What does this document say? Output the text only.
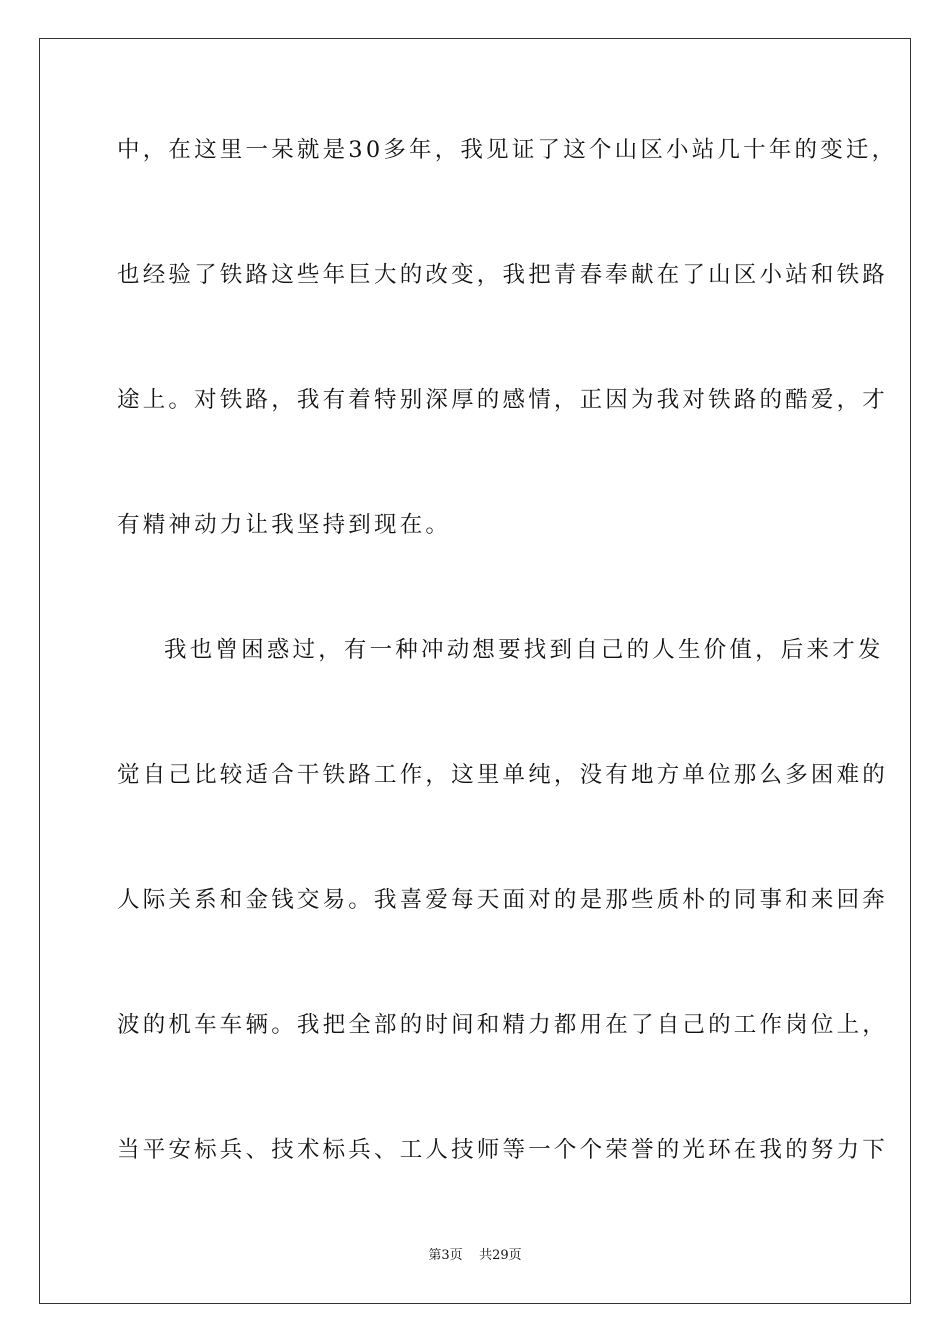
中，在这里一呆就是30多年，我见证了这个山区小站几十年的变迁，
也经验了铁路这些年巨大的改变，我把青春奉献在了山区小站和铁路
途上。对铁路，我有着特别深厚的感情，正因为我对铁路的酷爱，才
有精神动力让我坚持到现在。
我也曾困惑过，有一种冲动想要找到自己的人生价值，后来才发
觉自己比较适合干铁路工作，这里单纯，没有地方单位那么多困难的
人际关系和金钱交易。我喜爱每天面对的是那些质朴的同事和来回奔
波的机车车辆。我把全部的时间和精力都用在了自己的工作岗位上，
当平安标兵、技术标兵、工人技师等一个个荣誉的光环在我的努力下
第3页 共29页
